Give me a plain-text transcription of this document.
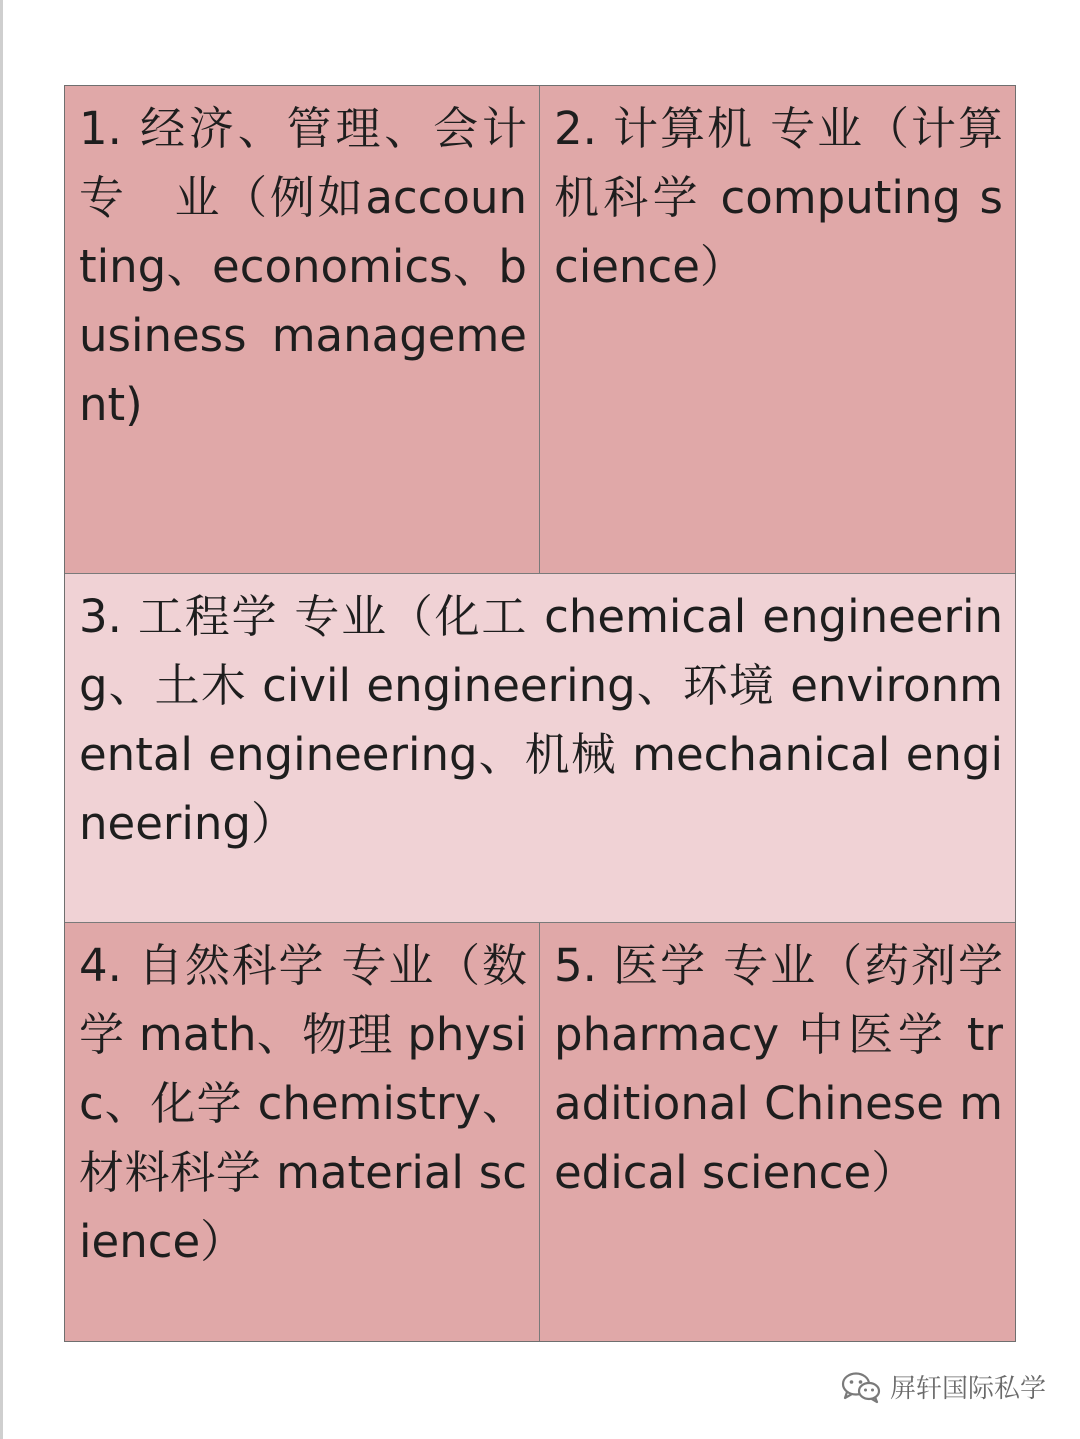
1. 经济、管理、会计专　业（例如accounting、economics、business management)
2. 计算机 专业（计算机科学 computing science）
3. 工程学 专业（化工 chemical engineering、土木 civil engineering、环境 environmental engineering、机械 mechanical engineering）
4. 自然科学 专业（数学 math、物理 physic、化学 chemistry、材料科学 material science）
5. 医学 专业（药剂学 pharmacy 中医学 traditional Chinese medical science）
屏轩国际私学
